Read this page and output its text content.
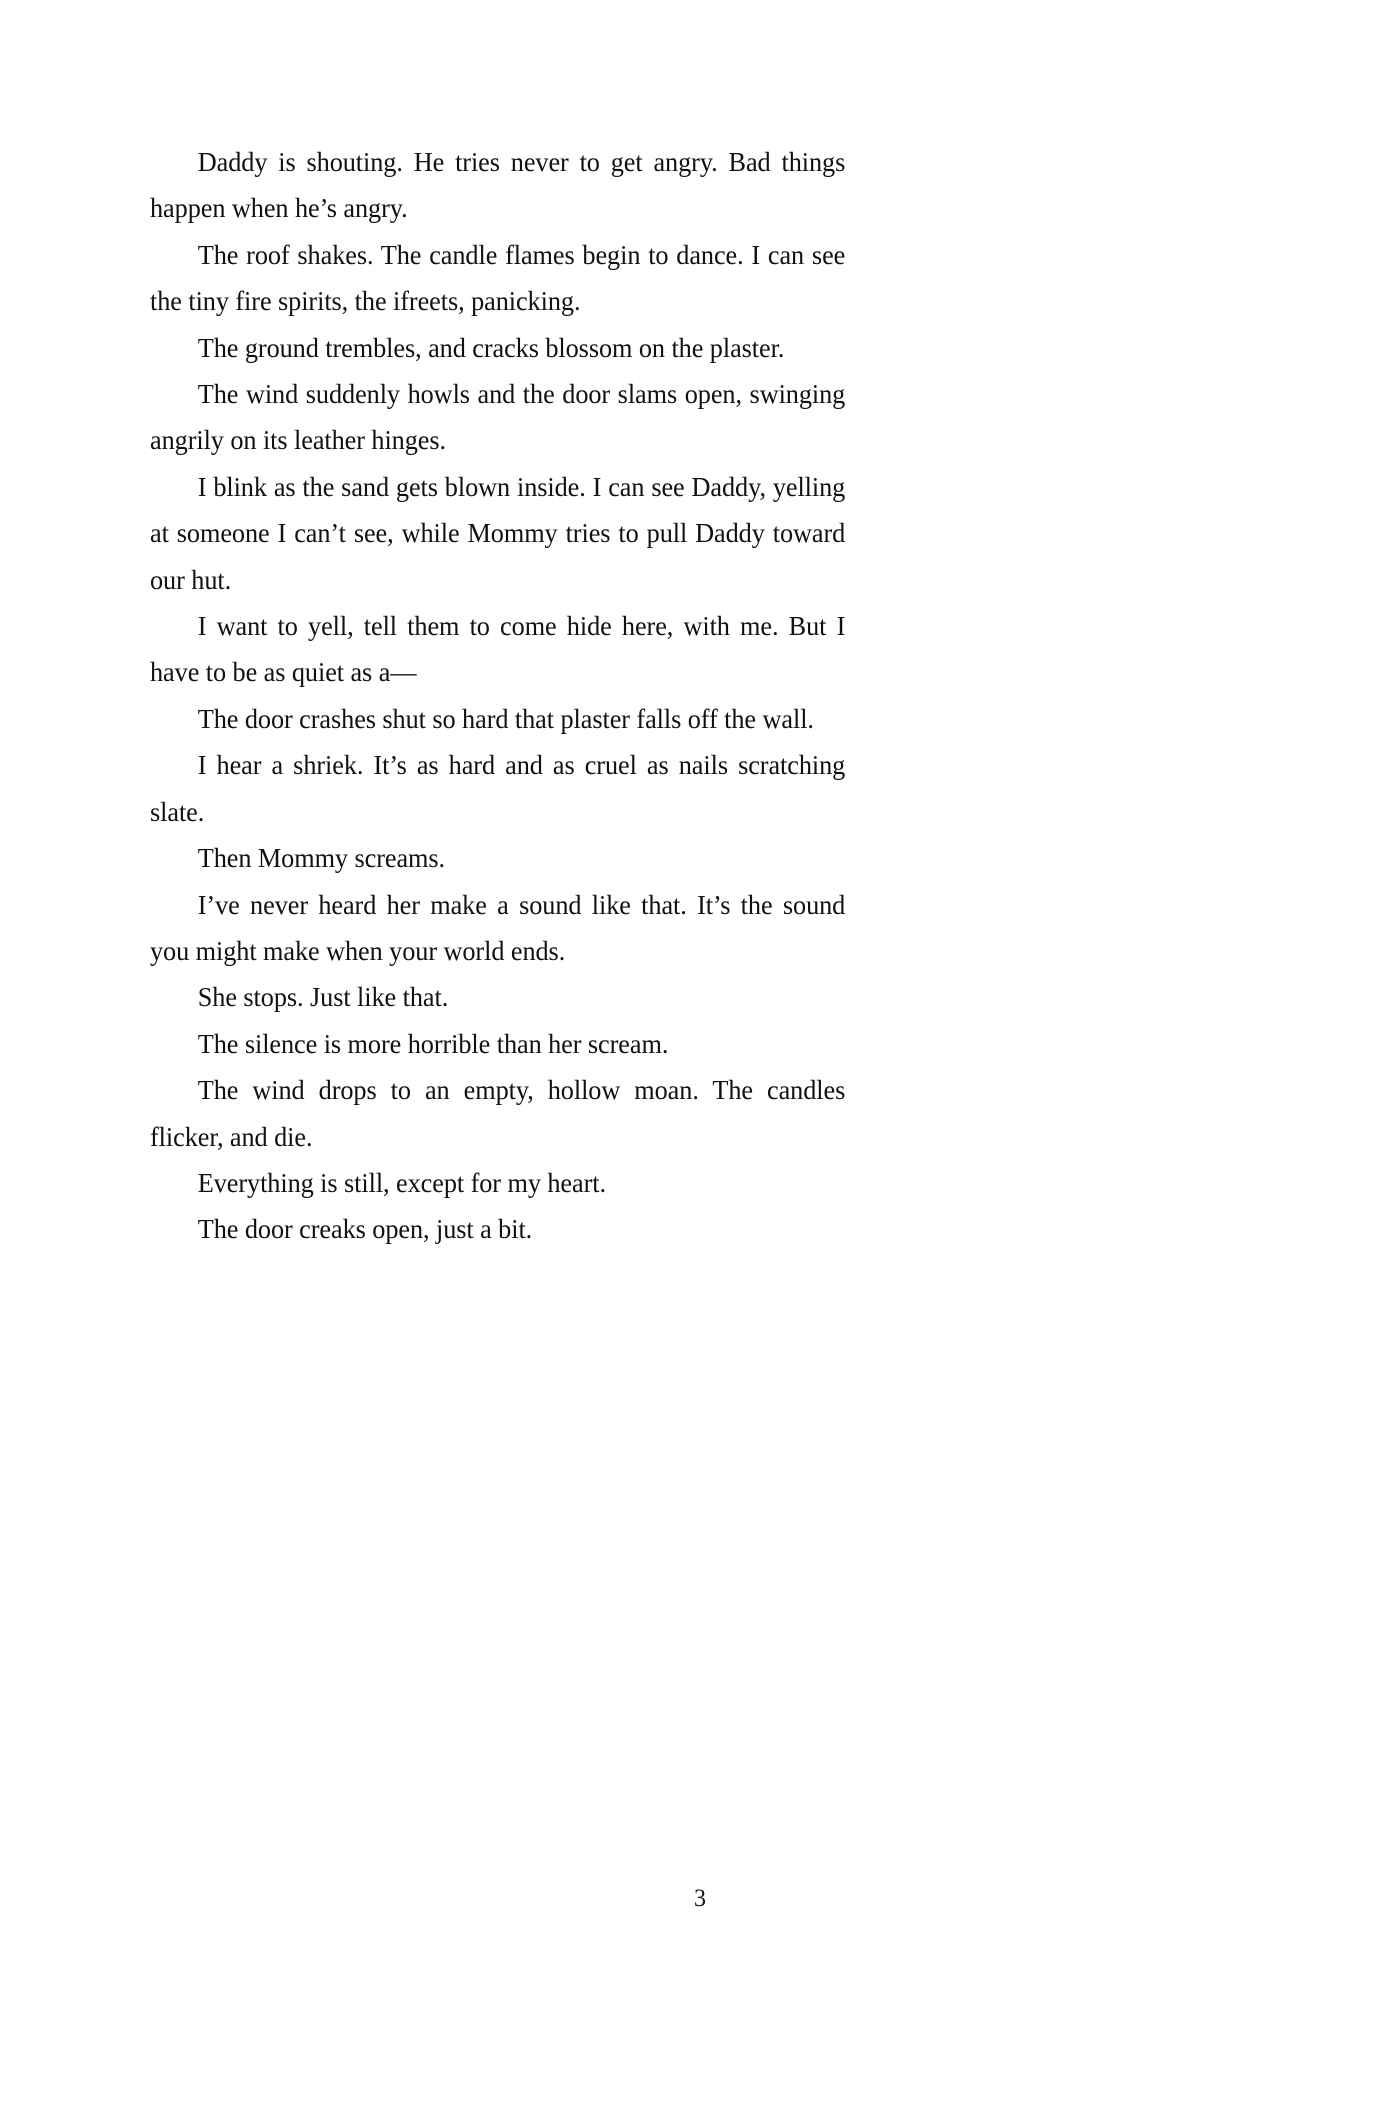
Daddy is shouting. He tries never to get angry. Bad things happen when he’s angry.

The roof shakes. The candle flames begin to dance. I can see the tiny fire spirits, the ifreets, panicking.

The ground trembles, and cracks blossom on the plaster.

The wind suddenly howls and the door slams open, swinging angrily on its leather hinges.

I blink as the sand gets blown inside. I can see Daddy, yelling at someone I can’t see, while Mommy tries to pull Daddy toward our hut.

I want to yell, tell them to come hide here, with me. But I have to be as quiet as a—

The door crashes shut so hard that plaster falls off the wall.

I hear a shriek. It’s as hard and as cruel as nails scratching slate.

Then Mommy screams.

I’ve never heard her make a sound like that. It’s the sound you might make when your world ends.

She stops. Just like that.

The silence is more horrible than her scream.

The wind drops to an empty, hollow moan. The candles flicker, and die.

Everything is still, except for my heart.

The door creaks open, just a bit.

3
